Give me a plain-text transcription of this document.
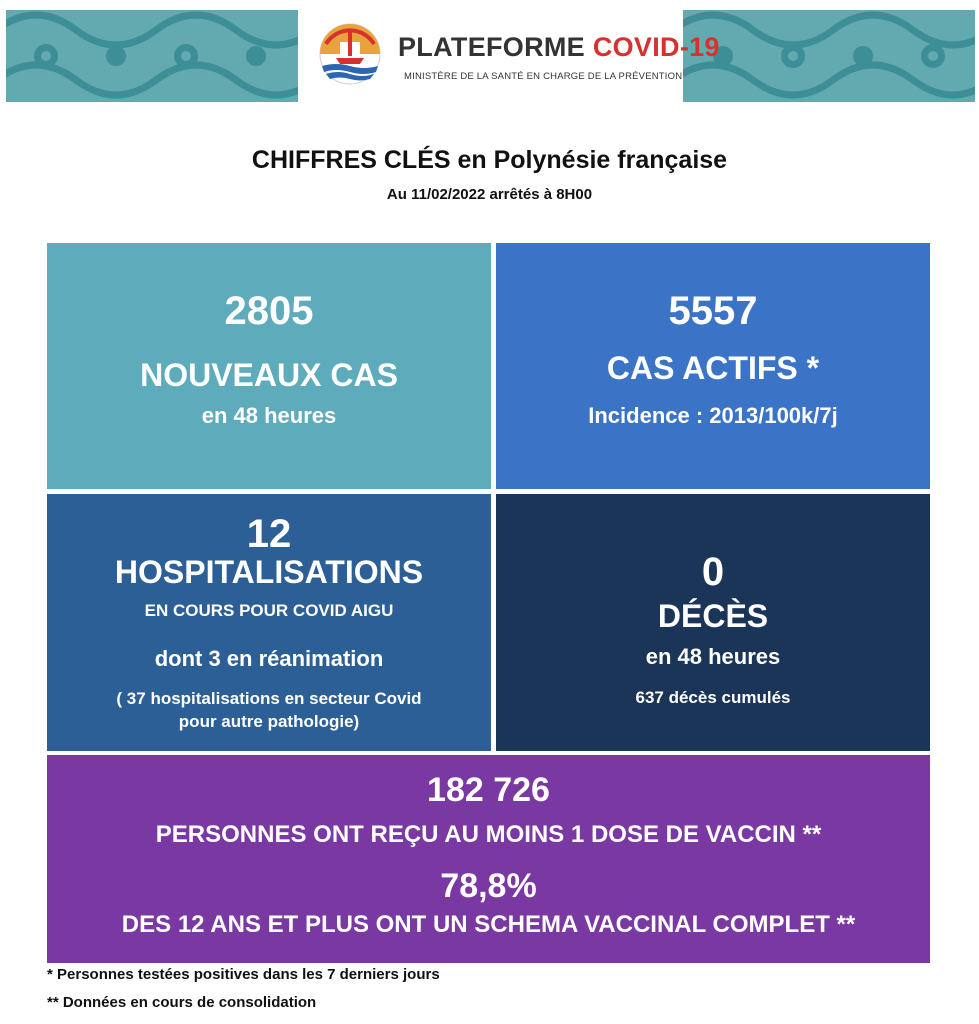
PLATEFORME COVID-19
MINISTÈRE DE LA SANTÉ EN CHARGE DE LA PRÉVENTION
CHIFFRES CLÉS en Polynésie française
Au 11/02/2022 arrêtés à 8H00
2805
NOUVEAUX CAS
en 48 heures
5557
CAS ACTIFS *
Incidence : 2013/100k/7j
12
HOSPITALISATIONS
EN COURS POUR COVID AIGU
dont 3 en réanimation
( 37 hospitalisations en secteur Covid
pour autre pathologie)
0
DÉCÈS
en 48 heures
637 décès cumulés
182 726
PERSONNES ONT REÇU AU MOINS 1 DOSE DE VACCIN **
78,8%
DES 12 ANS ET PLUS ONT UN SCHEMA VACCINAL COMPLET **
* Personnes testées positives dans les 7 derniers jours
** Données en cours de consolidation
